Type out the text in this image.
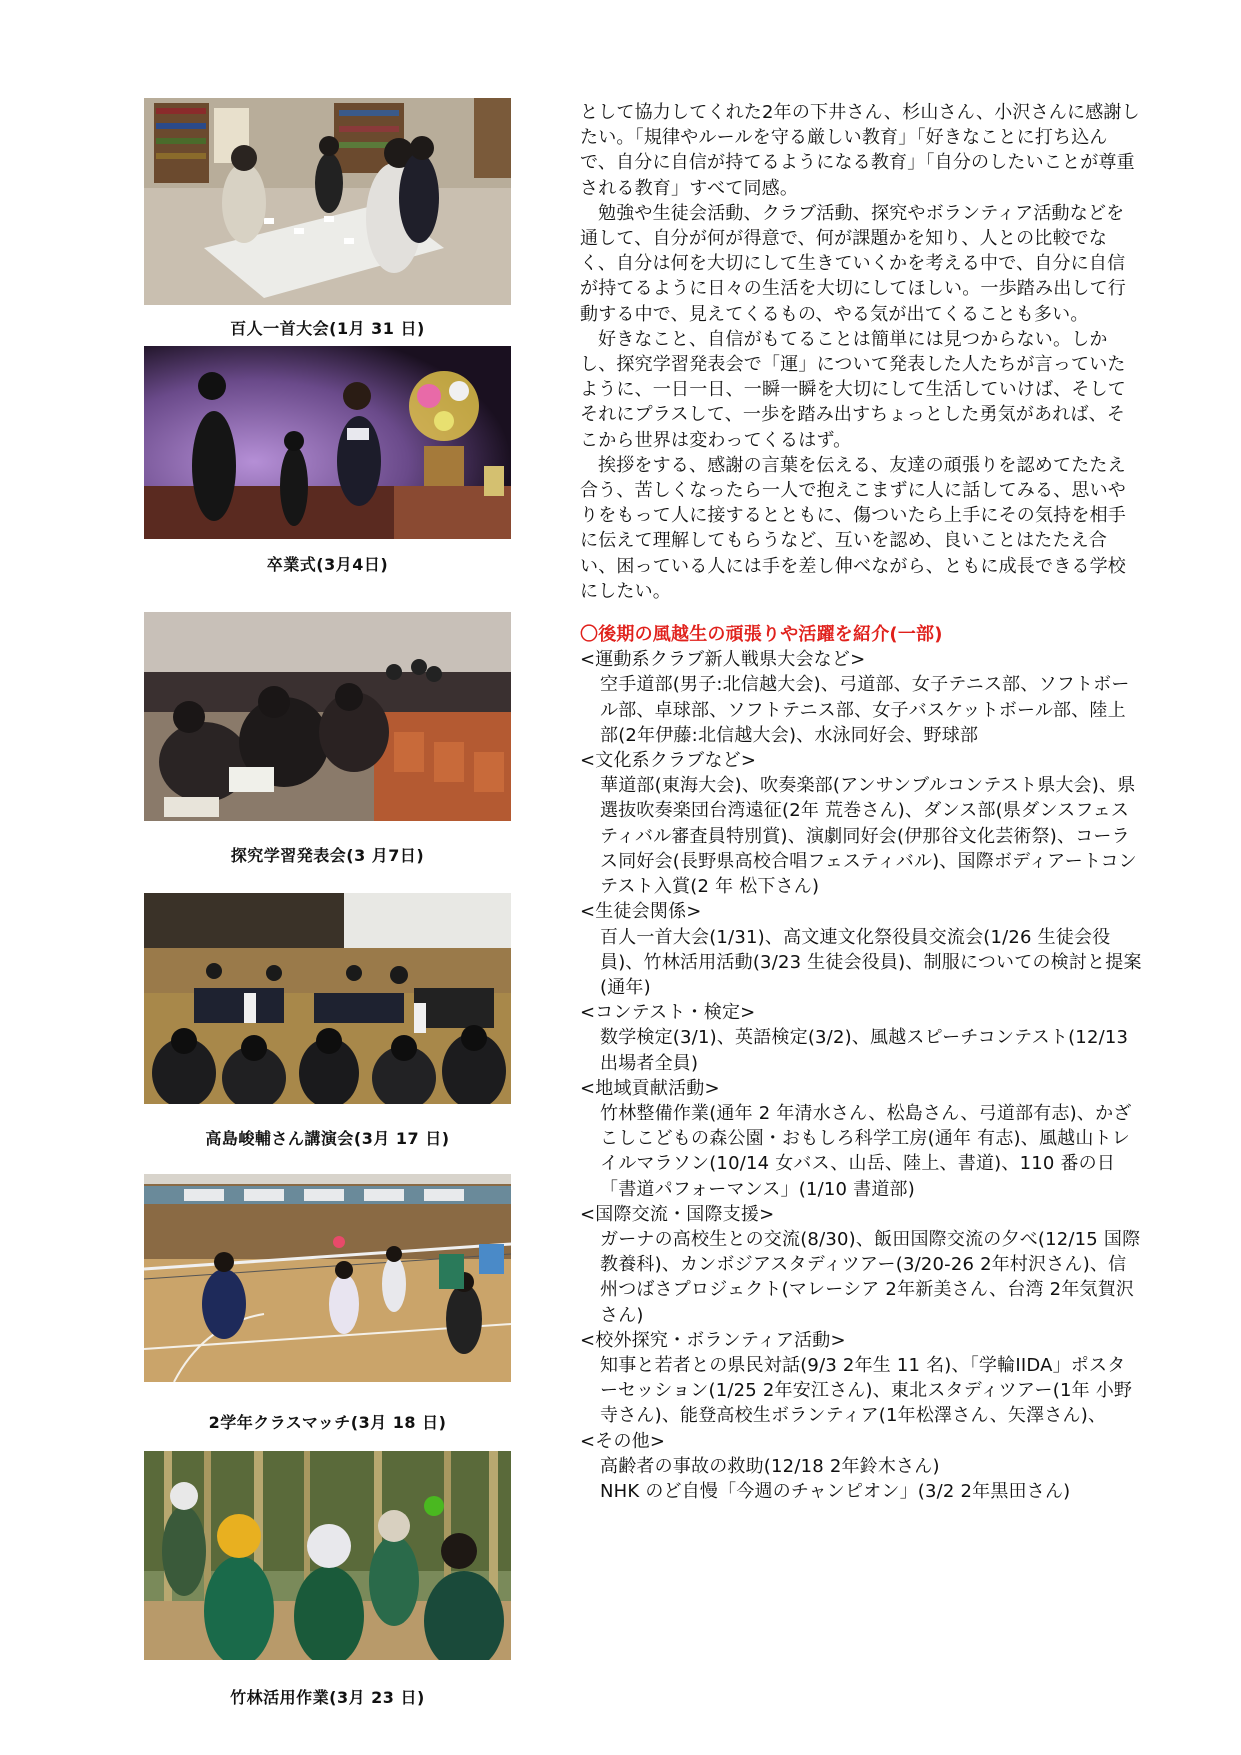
百人一首大会(1月 31 日)
卒業式(3月4日)
探究学習発表会(3 月7日)
高島峻輔さん講演会(3月 17 日)
2学年クラスマッチ(3月 18 日)
竹林活用作業(3月 23 日)

として協力してくれた2年の下井さん、杉山さん、小沢さんに感謝したい。「規律やルールを守る厳しい教育」「好きなことに打ち込んで、自分に自信が持てるようになる教育」「自分のしたいことが尊重される教育」すべて同感。

勉強や生徒会活動、クラブ活動、探究やボランティア活動などを通して、自分が何が得意で、何が課題かを知り、人との比較でなく、自分は何を大切にして生きていくかを考える中で、自分に自信が持てるように日々の生活を大切にしてほしい。一歩踏み出して行動する中で、見えてくるもの、やる気が出てくることも多い。

好きなこと、自信がもてることは簡単には見つからない。しかし、探究学習発表会で「運」について発表した人たちが言っていたように、一日一日、一瞬一瞬を大切にして生活していけば、そしてそれにプラスして、一歩を踏み出すちょっとした勇気があれば、そこから世界は変わってくるはず。

挨拶をする、感謝の言葉を伝える、友達の頑張りを認めてたたえ合う、苦しくなったら一人で抱えこまずに人に話してみる、思いやりをもって人に接するとともに、傷ついたら上手にその気持を相手に伝えて理解してもらうなど、互いを認め、良いことはたたえ合い、困っている人には手を差し伸べながら、ともに成長できる学校にしたい。

〇後期の風越生の頑張りや活躍を紹介(一部)

<運動系クラブ新人戦県大会など>

空手道部(男子:北信越大会)、弓道部、女子テニス部、ソフトボール部、卓球部、ソフトテニス部、女子バスケットボール部、陸上部(2年伊藤:北信越大会)、水泳同好会、野球部

<文化系クラブなど>

華道部(東海大会)、吹奏楽部(アンサンブルコンテスト県大会)、県選抜吹奏楽団台湾遠征(2年 荒巻さん)、ダンス部(県ダンスフェスティバル審査員特別賞)、演劇同好会(伊那谷文化芸術祭)、コーラス同好会(長野県高校合唱フェスティバル)、国際ボディアートコンテスト入賞(2 年 松下さん)

<生徒会関係>

百人一首大会(1/31)、高文連文化祭役員交流会(1/26 生徒会役員)、竹林活用活動(3/23 生徒会役員)、制服についての検討と提案(通年)

<コンテスト・検定>

数学検定(3/1)、英語検定(3/2)、風越スピーチコンテスト(12/13 出場者全員)

<地域貢献活動>

竹林整備作業(通年 2 年清水さん、松島さん、弓道部有志)、かざこしこどもの森公園・おもしろ科学工房(通年 有志)、風越山トレイルマラソン(10/14 女バス、山岳、陸上、書道)、110 番の日「書道パフォーマンス」(1/10 書道部)

<国際交流・国際支援>

ガーナの高校生との交流(8/30)、飯田国際交流の夕べ(12/15 国際教養科)、カンボジアスタディツアー(3/20-26 2年村沢さん)、信州つばさプロジェクト(マレーシア 2年新美さん、台湾 2年気賀沢さん)

<校外探究・ボランティア活動>

知事と若者との県民対話(9/3 2年生 11 名)、「学輪IIDA」ポスターセッション(1/25 2年安江さん)、東北スタディツアー(1年 小野寺さん)、能登高校生ボランティア(1年松澤さん、矢澤さん)、

<その他>

高齢者の事故の救助(12/18 2年鈴木さん)
NHK のど自慢「今週のチャンピオン」(3/2 2年黒田さん)
